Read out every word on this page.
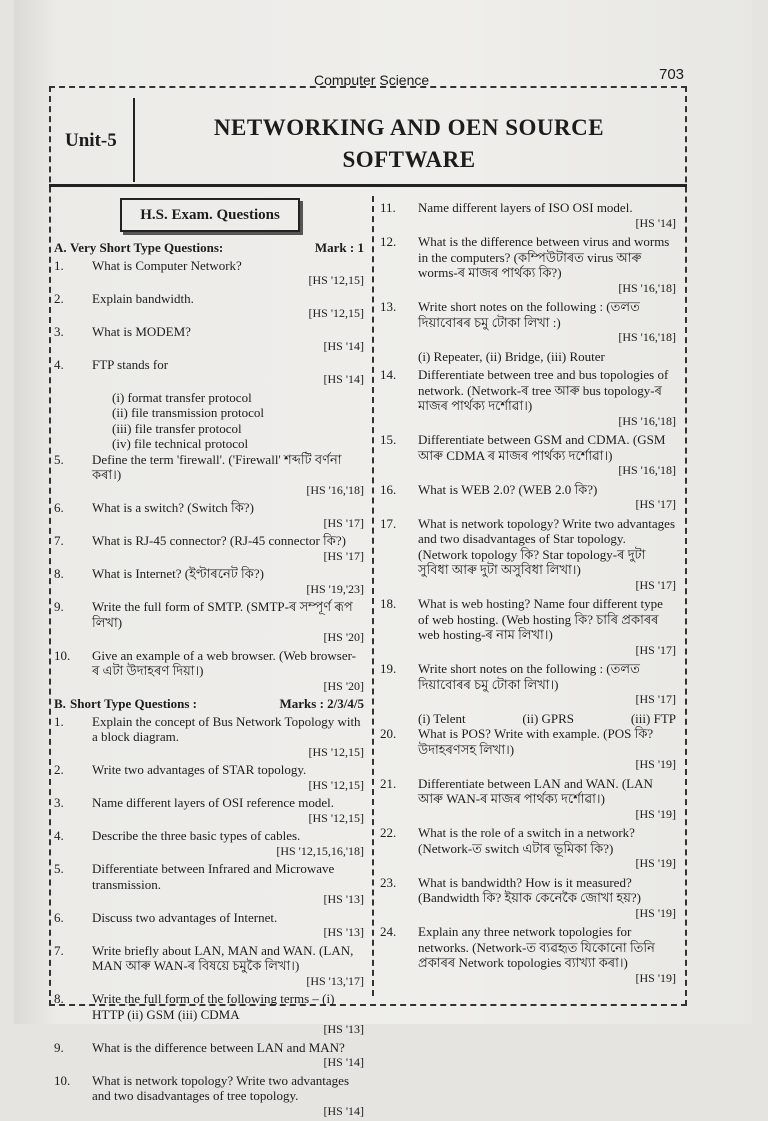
Computer Science	703
Unit-5
NETWORKING AND OEN SOURCE
SOFTWARE
H.S. Exam. Questions
A. Very Short Type Questions:	Mark : 1
1.	What is Computer Network?
[HS '12,15]
2.	Explain bandwidth.
[HS '12,15]
3.	What is MODEM?
[HS '14]
4.	FTP stands for
[HS '14]
(i) format transfer protocol
(ii) file transmission protocol
(iii) file transfer protocol
(iv) file technical protocol
5.	Define the term 'firewall'. ('Firewall' শব্দটি বর্ণনা কৰা।)
[HS '16,'18]
6.	What is a switch? (Switch কি?)
[HS '17]
7.	What is RJ-45 connector? (RJ-45 connector কি?)
[HS '17]
8.	What is Internet? (ইণ্টাৰনেট কি?)
[HS '19,'23]
9.	Write the full form of SMTP. (SMTP-ৰ সম্পূৰ্ণ ৰূপ লিখা)
[HS '20]
10.	Give an example of a web browser. (Web browser- ৰ এটা উদাহৰণ দিয়া।)
[HS '20]
B. Short Type Questions :	Marks : 2/3/4/5
1.	Explain the concept of Bus Network Topology with a block diagram.
[HS '12,15]
2.	Write two advantages of STAR topology.
[HS '12,15]
3.	Name different layers of OSI reference model.
[HS '12,15]
4.	Describe the three basic types of cables.
[HS '12,15,16,'18]
5.	Differentiate between Infrared and Microwave transmission.
[HS '13]
6.	Discuss two advantages of Internet.
[HS '13]
7.	Write briefly about LAN, MAN and WAN. (LAN, MAN আৰু WAN-ৰ বিষয়ে চমুকৈ লিখা।)
[HS '13,'17]
8.	Write the full form of the following terms – (i) HTTP (ii) GSM (iii) CDMA
[HS '13]
9.	What is the difference between LAN and MAN?
[HS '14]
10.	What is network topology? Write two advantages and two disadvantages of tree topology.
[HS '14]
11.	Name different layers of ISO OSI model.
[HS '14]
12.	What is the difference between virus and worms in the computers? (কম্পিউটাৰত virus আৰু worms-ৰ মাজৰ পাৰ্থক্য কি?)
[HS '16,'18]
13.	Write short notes on the following : (তলত দিয়াবোৰৰ চমু টোকা লিখা :)
[HS '16,'18]
(i) Repeater, (ii) Bridge, (iii) Router
14.	Differentiate between tree and bus topologies of network. (Network-ৰ tree আৰু bus topology-ৰ মাজৰ পাৰ্থক্য দৰ্শোৱা।)
[HS '16,'18]
15.	Differentiate between GSM and CDMA. (GSM আৰু CDMA ৰ মাজৰ পাৰ্থক্য দৰ্শোৱা।)
[HS '16,'18]
16.	What is WEB 2.0? (WEB 2.0 কি?)
[HS '17]
17.	What is network topology? Write two advantages and two disadvantages of Star topology. (Network topology কি? Star topology-ৰ দুটা সুবিধা আৰু দুটা অসুবিধা লিখা।)
[HS '17]
18.	What is web hosting? Name four different type of web hosting. (Web hosting কি? চাৰি প্ৰকাৰৰ web hosting-ৰ নাম লিখা।)
[HS '17]
19.	Write short notes on the following : (তলত দিয়াবোৰৰ চমু টোকা লিখা।)
[HS '17]
(i) Telent	(ii) GPRS	(iii) FTP
20.	What is POS? Write with example. (POS কি? উদাহৰণসহ লিখা।)
[HS '19]
21.	Differentiate between LAN and WAN. (LAN আৰু WAN-ৰ মাজৰ পাৰ্থক্য দৰ্শোৱা।)
[HS '19]
22.	What is the role of a switch in a network? (Network-ত switch এটাৰ ভূমিকা কি?)
[HS '19]
23.	What is bandwidth? How is it measured? (Bandwidth কি? ইয়াক কেনেকৈ জোখা হয়?)
[HS '19]
24.	Explain any three network topologies for networks. (Network-ত ব্যৱহৃত যিকোনো তিনি প্ৰকাৰৰ Network topologies ব্যাখ্যা কৰা।)
[HS '19]
